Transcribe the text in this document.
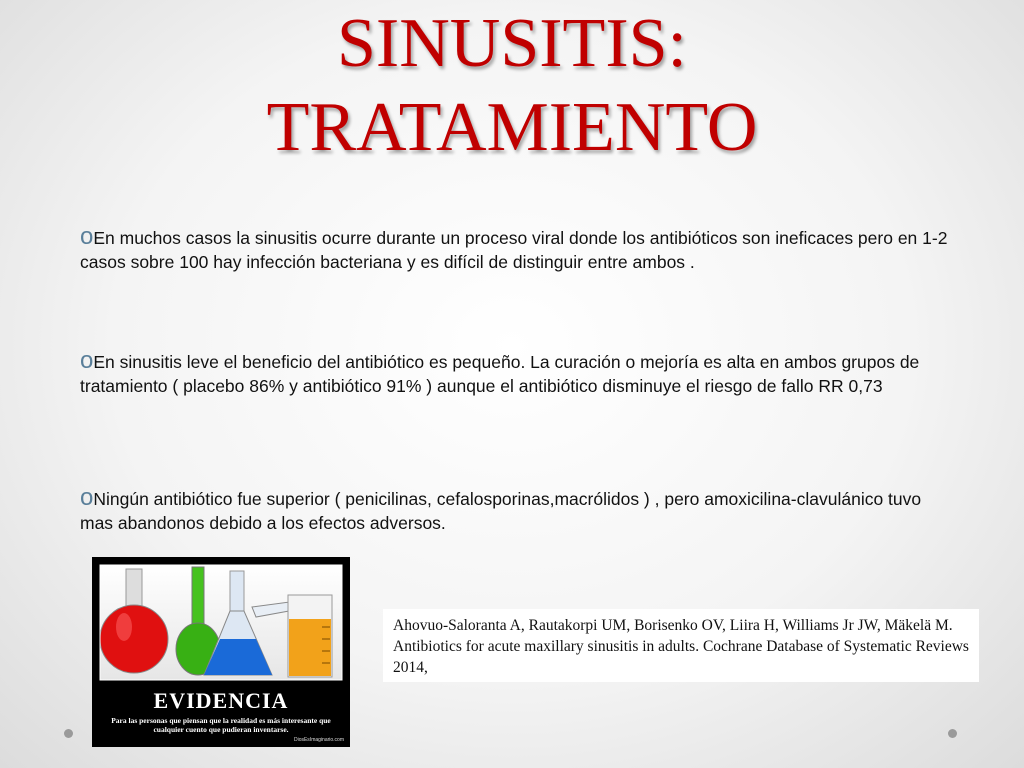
SINUSITIS:
TRATAMIENTO

oEn muchos casos la sinusitis ocurre durante un proceso viral donde los antibióticos son ineficaces pero en 1-2 casos sobre 100 hay infección bacteriana y es difícil de distinguir entre ambos .

oEn sinusitis leve el beneficio del antibiótico es pequeño. La curación o mejoría es alta en ambos grupos de tratamiento ( placebo 86% y antibiótico 91% ) aunque el antibiótico disminuye el riesgo de fallo RR 0,73

oNingún antibiótico fue superior ( penicilinas, cefalosporinas,macrólidos ) , pero amoxicilina-clavulánico tuvo mas abandonos debido a los efectos adversos.

EVIDENCIA
Para las personas que piensan que la realidad es más interesante que cualquier cuento que pudieran inventarse.
DiosEsImaginario.com
Ahovuo-Saloranta A, Rautakorpi UM, Borisenko OV, Liira H, Williams Jr JW, Mäkelä M. Antibiotics for acute maxillary sinusitis in adults. Cochrane Database of Systematic Reviews 2014,
